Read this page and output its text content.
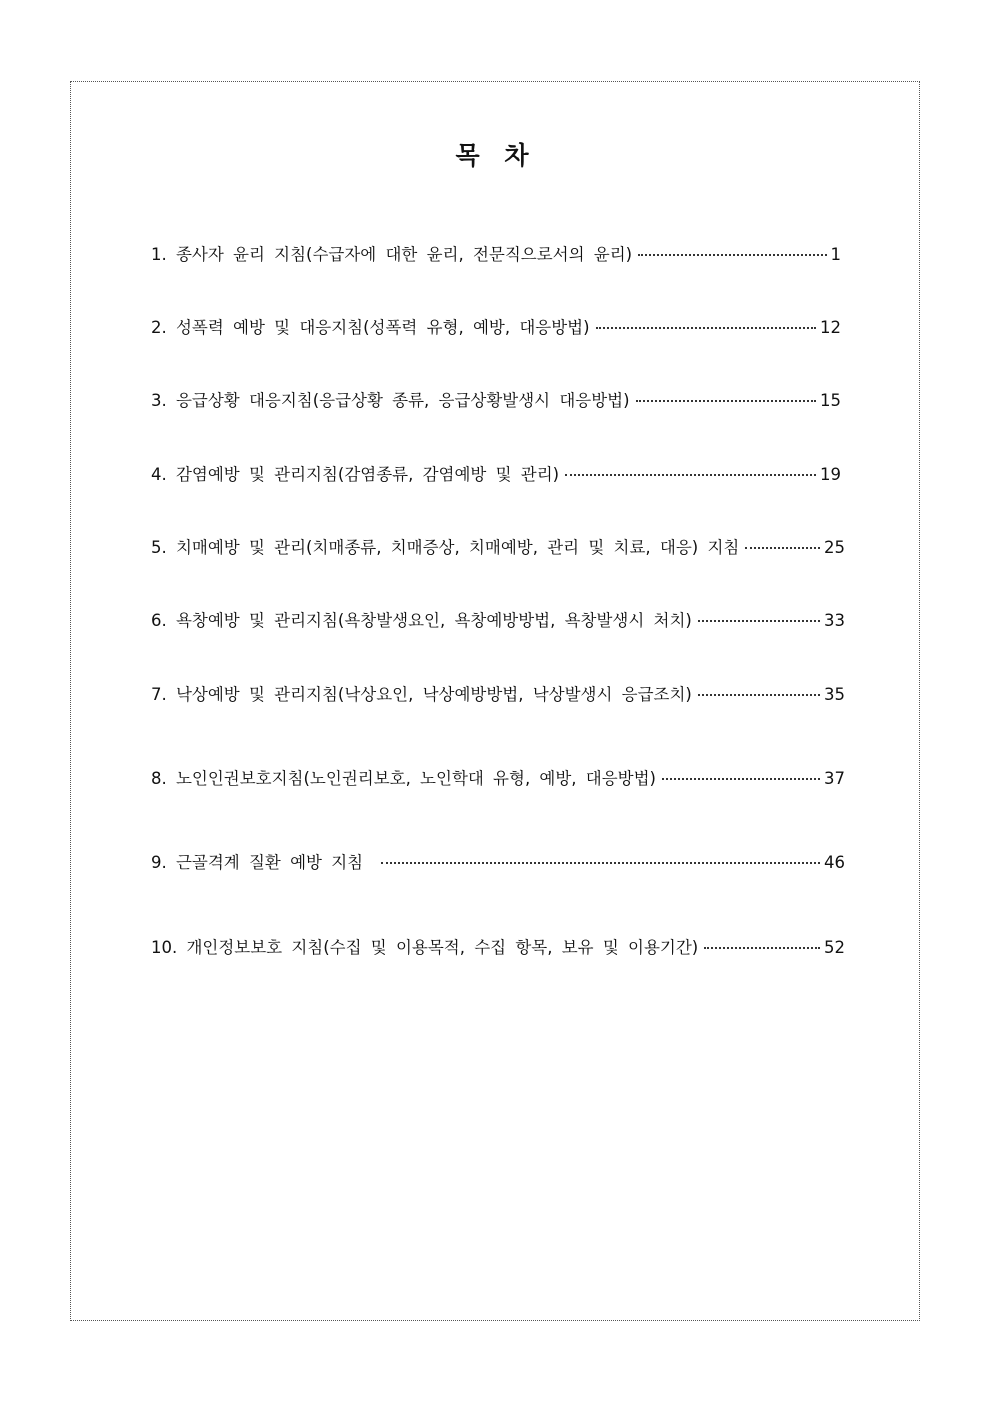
목 차
1. 종사자 윤리 지침(수급자에 대한 윤리, 전문직으로서의 윤리)	1
2. 성폭력 예방 및 대응지침(성폭력 유형, 예방, 대응방법)	12
3. 응급상황 대응지침(응급상황 종류, 응급상황발생시 대응방법)	15
4. 감염예방 및 관리지침(감염종류, 감염예방 및 관리)	19
5. 치매예방 및 관리(치매종류, 치매증상, 치매예방, 관리 및 치료, 대응) 지침	25
6. 욕창예방 및 관리지침(욕창발생요인, 욕창예방방법, 욕창발생시 처치)	33
7. 낙상예방 및 관리지침(낙상요인, 낙상예방방법, 낙상발생시 응급조치)	35
8. 노인인권보호지침(노인권리보호, 노인학대 유형, 예방, 대응방법)	37
9. 근골격계 질환 예방 지침	46
10. 개인정보보호 지침(수집 및 이용목적, 수집 항목, 보유 및 이용기간)	52
